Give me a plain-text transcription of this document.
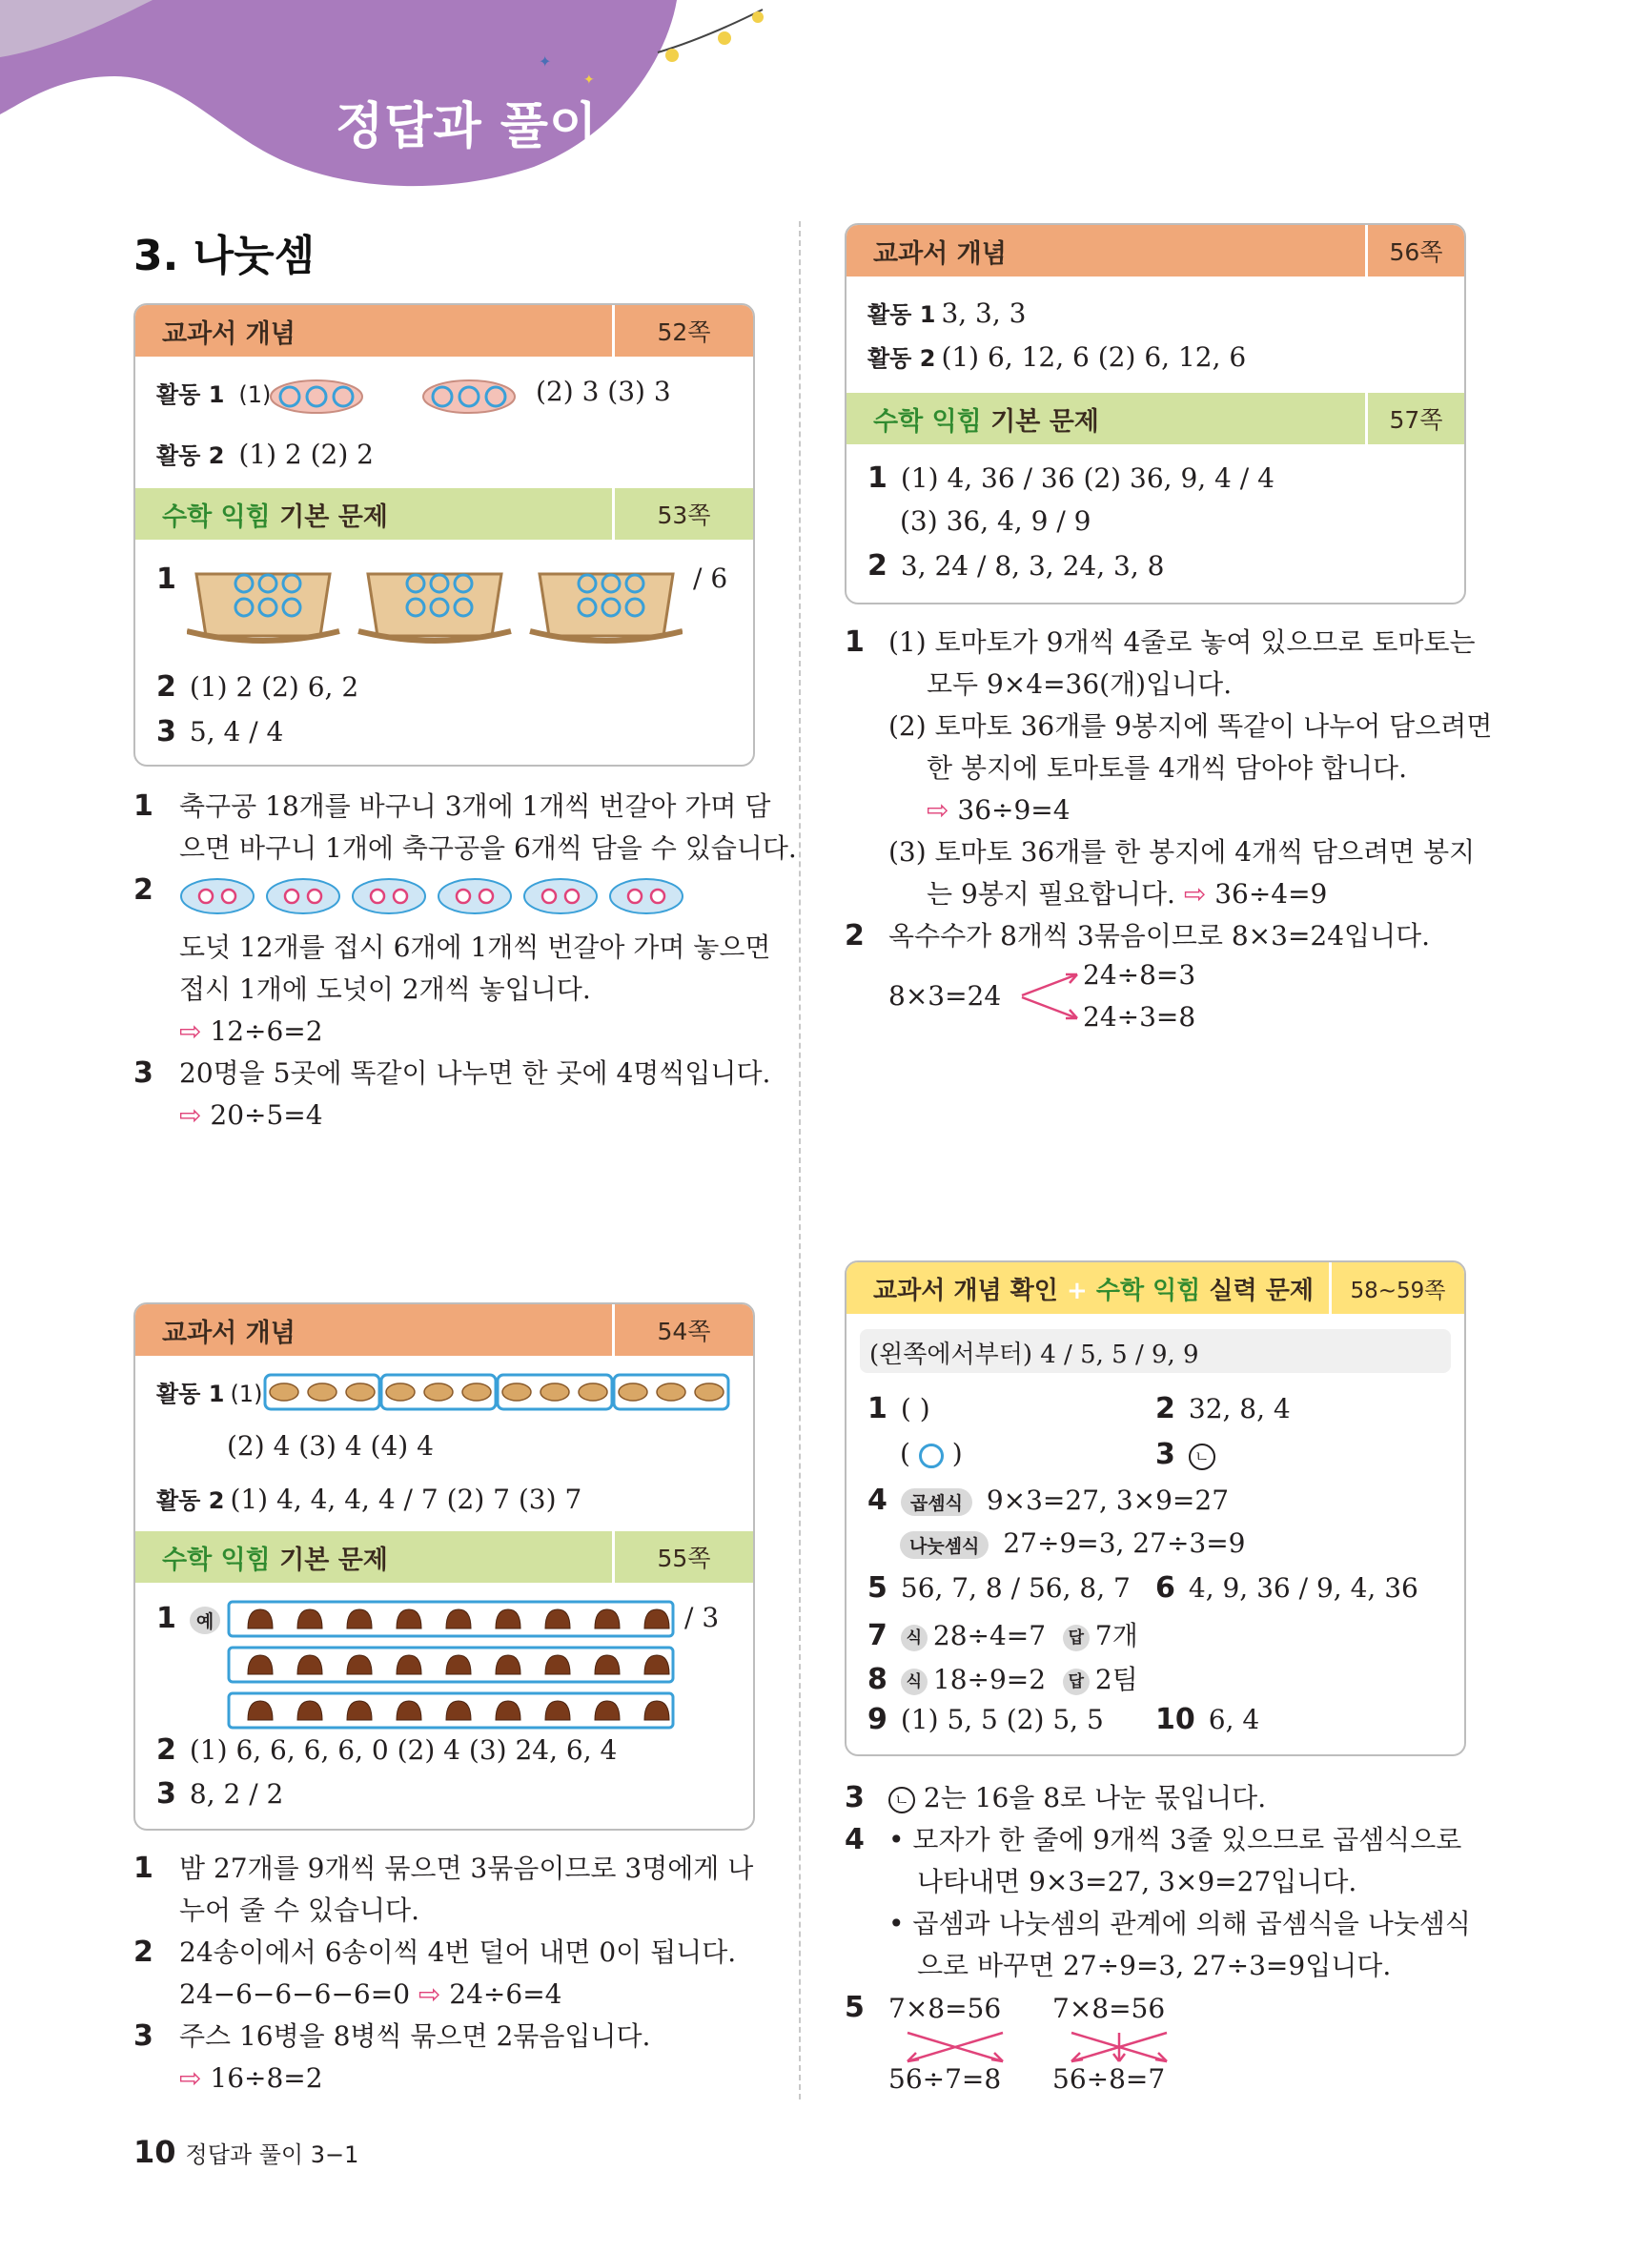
✦
✦
정답과 풀이
3. 나눗셈
교과서 개념	52쪽
활동 1 (1)	(2) 3 (3) 3
활동 2 (1) 2 (2) 2
수학 익힘 기본 문제	53쪽
1	/ 6
2 (1) 2 (2) 6, 2
3 5, 4 / 4
1 축구공 18개를 바구니 3개에 1개씩 번갈아 가며 담
으면 바구니 1개에 축구공을 6개씩 담을 수 있습니다.
2
도넛 12개를 접시 6개에 1개씩 번갈아 가며 놓으면
접시 1개에 도넛이 2개씩 놓입니다.
⇨ 12÷6=2
3 20명을 5곳에 똑같이 나누면 한 곳에 4명씩입니다.
⇨ 20÷5=4
교과서 개념	54쪽
활동 1 (1)
(2) 4 (3) 4 (4) 4
활동 2 (1) 4, 4, 4, 4 / 7 (2) 7 (3) 7
수학 익힘 기본 문제	55쪽
1 예	/ 3
2 (1) 6, 6, 6, 6, 0 (2) 4 (3) 24, 6, 4
3 8, 2 / 2
1 밤 27개를 9개씩 묶으면 3묶음이므로 3명에게 나
누어 줄 수 있습니다.
2 24송이에서 6송이씩 4번 덜어 내면 0이 됩니다.
24−6−6−6−6=0 ⇨ 24÷6=4
3 주스 16병을 8병씩 묶으면 2묶음입니다.
⇨ 16÷8=2
교과서 개념	56쪽
활동 1 3, 3, 3
활동 2 (1) 6, 12, 6 (2) 6, 12, 6
수학 익힘 기본 문제	57쪽
1 (1) 4, 36 / 36 (2) 36, 9, 4 / 4
(3) 36, 4, 9 / 9
2 3, 24 / 8, 3, 24, 3, 8
1 (1) 토마토가 9개씩 4줄로 놓여 있으므로 토마토는
모두 9×4=36(개)입니다.
(2) 토마토 36개를 9봉지에 똑같이 나누어 담으려면
한 봉지에 토마토를 4개씩 담아야 합니다.
⇨ 36÷9=4
(3) 토마토 36개를 한 봉지에 4개씩 담으려면 봉지
는 9봉지 필요합니다. ⇨ 36÷4=9
2 옥수수가 8개씩 3묶음이므로 8×3=24입니다.
8×3=24
24÷8=3
24÷3=8
교과서 개념 확인 + 수학 익힘 실력 문제	58~59쪽
(왼쪽에서부터) 4 / 5, 5 / 9, 9
1 ( )
( ○ )
2 32, 8, 4
3 ㄴ
4 곱셈식 9×3=27, 3×9=27
나눗셈식 27÷9=3, 27÷3=9
5 56, 7, 8 / 56, 8, 7 6 4, 9, 36 / 9, 4, 36
7 식 28÷4=7 답 7개
8 식 18÷9=2 답 2팀
9 (1) 5, 5 (2) 5, 5 10 6, 4
3	ㄴ 2는 16을 8로 나눈 몫입니다.
4 • 모자가 한 줄에 9개씩 3줄 있으므로 곱셈식으로
나타내면 9×3=27, 3×9=27입니다.
• 곱셈과 나눗셈의 관계에 의해 곱셈식을 나눗셈식
으로 바꾸면 27÷9=3, 27÷3=9입니다.
5 7×8=56 7×8=56
56÷7=8 56÷8=7
10 정답과 풀이 3−1
